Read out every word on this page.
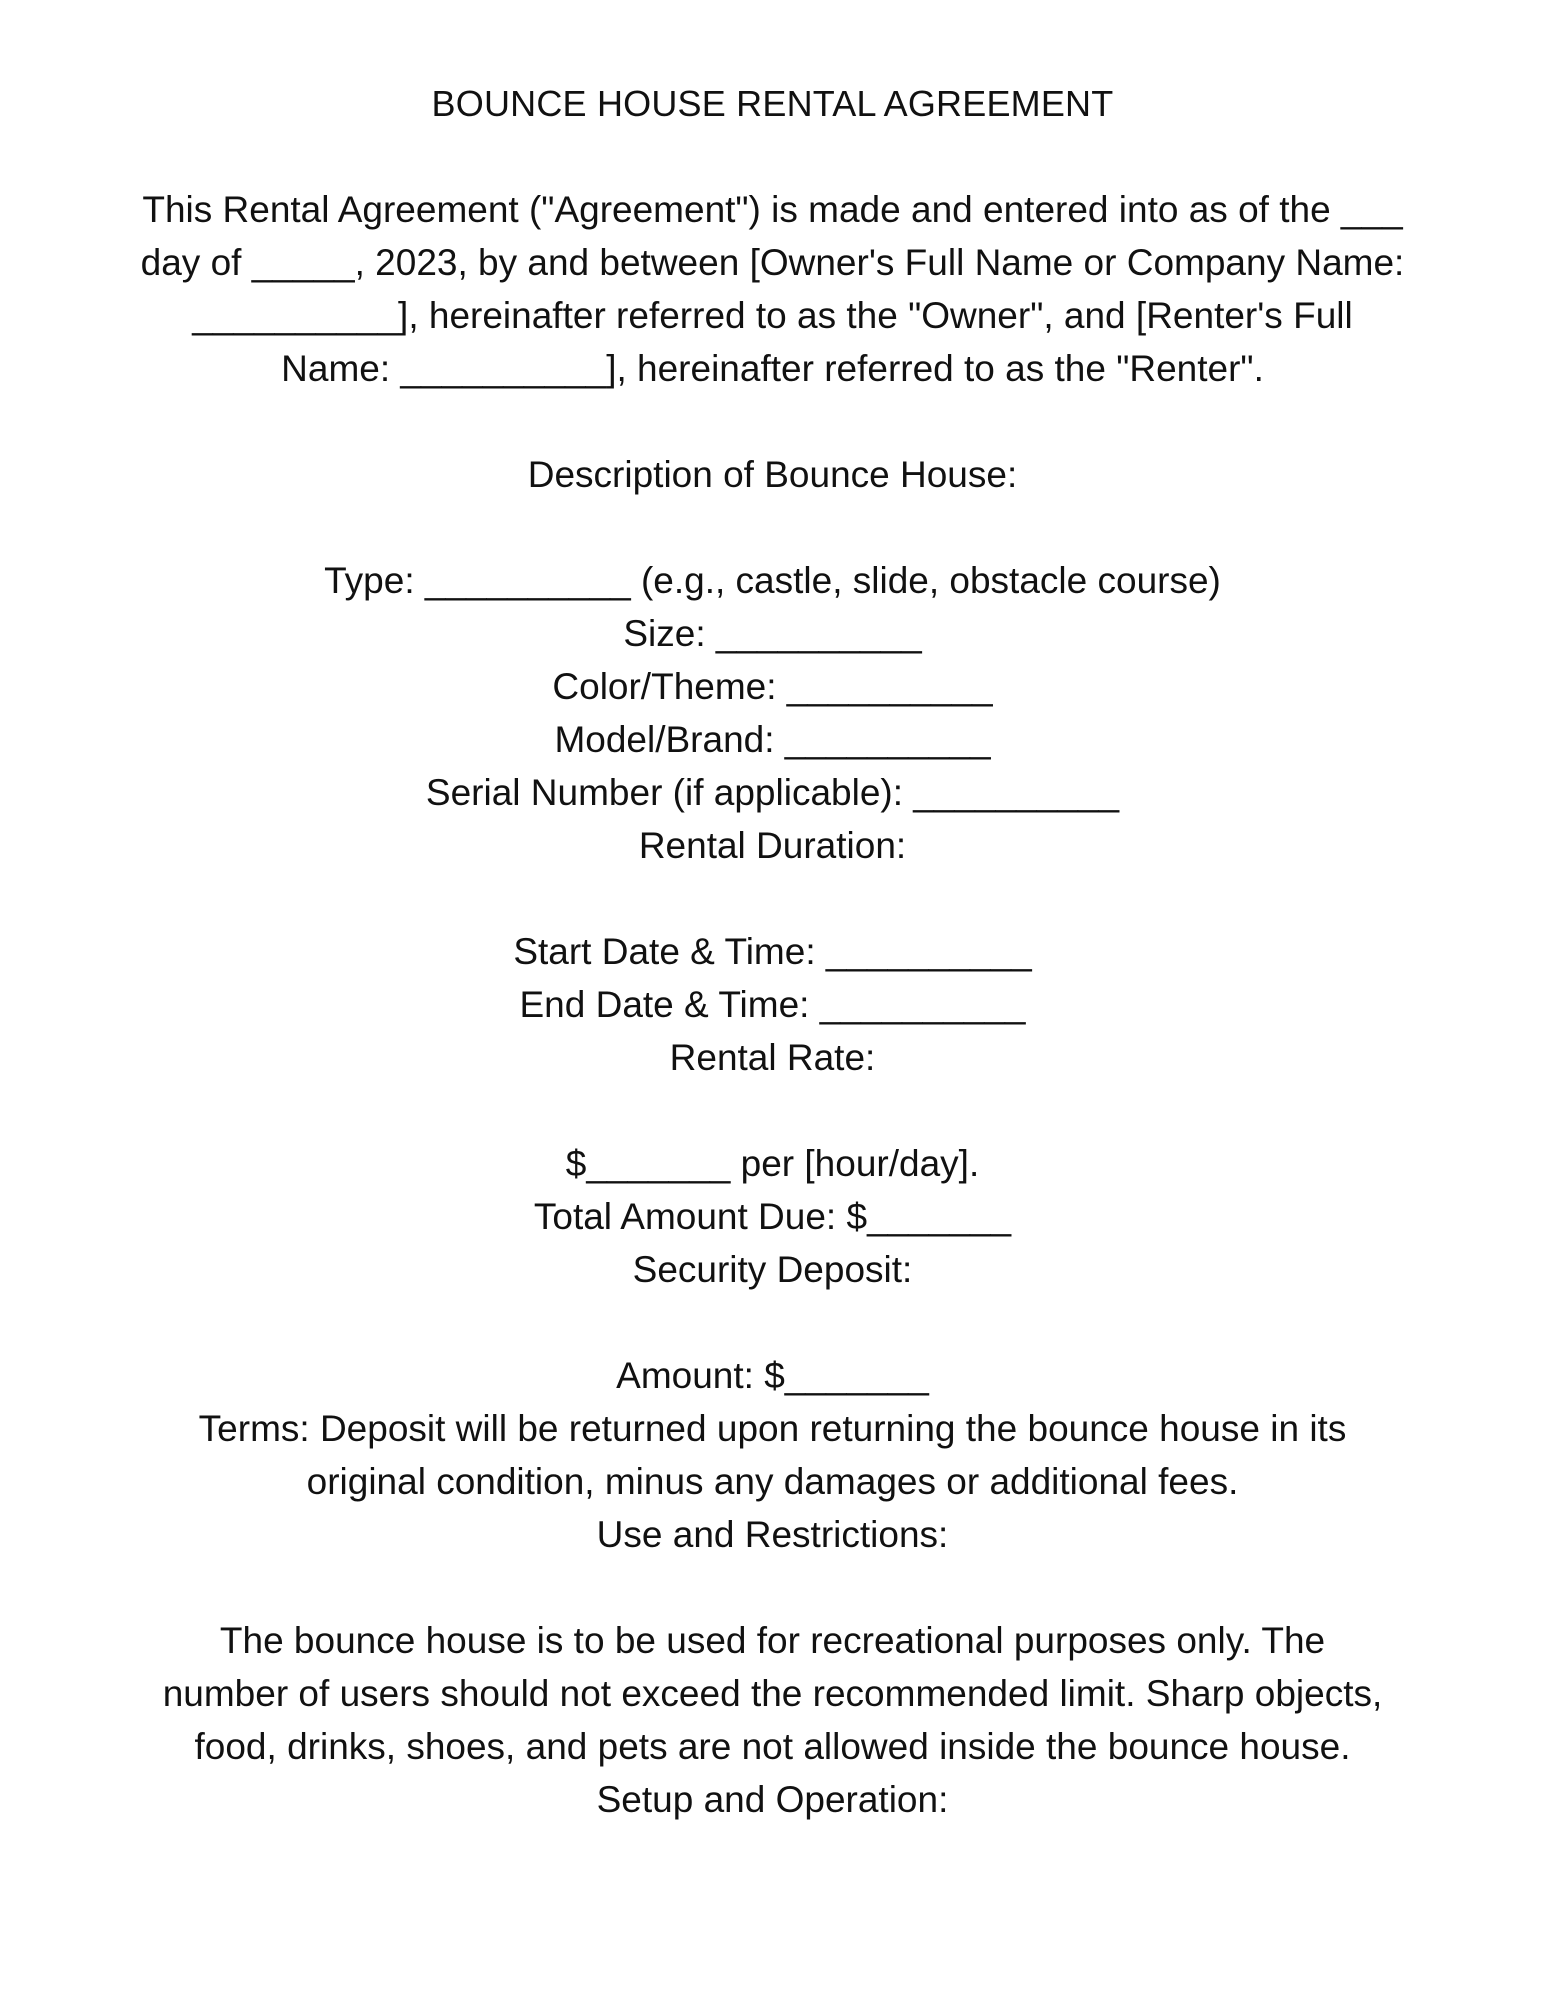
BOUNCE HOUSE RENTAL AGREEMENT

This Rental Agreement ("Agreement") is made and entered into as of the ___

day of _____, 2023, by and between [Owner's Full Name or Company Name:

__________], hereinafter referred to as the "Owner", and [Renter's Full

Name: __________], hereinafter referred to as the "Renter".

Description of Bounce House:

Type: __________ (e.g., castle, slide, obstacle course)

Size: __________

Color/Theme: __________

Model/Brand: __________

Serial Number (if applicable): __________

Rental Duration:

Start Date & Time: __________

End Date & Time: __________

Rental Rate:

$_______ per [hour/day].

Total Amount Due: $_______

Security Deposit:

Amount: $_______

Terms: Deposit will be returned upon returning the bounce house in its

original condition, minus any damages or additional fees.

Use and Restrictions:

The bounce house is to be used for recreational purposes only. The

number of users should not exceed the recommended limit. Sharp objects,

food, drinks, shoes, and pets are not allowed inside the bounce house.

Setup and Operation:
